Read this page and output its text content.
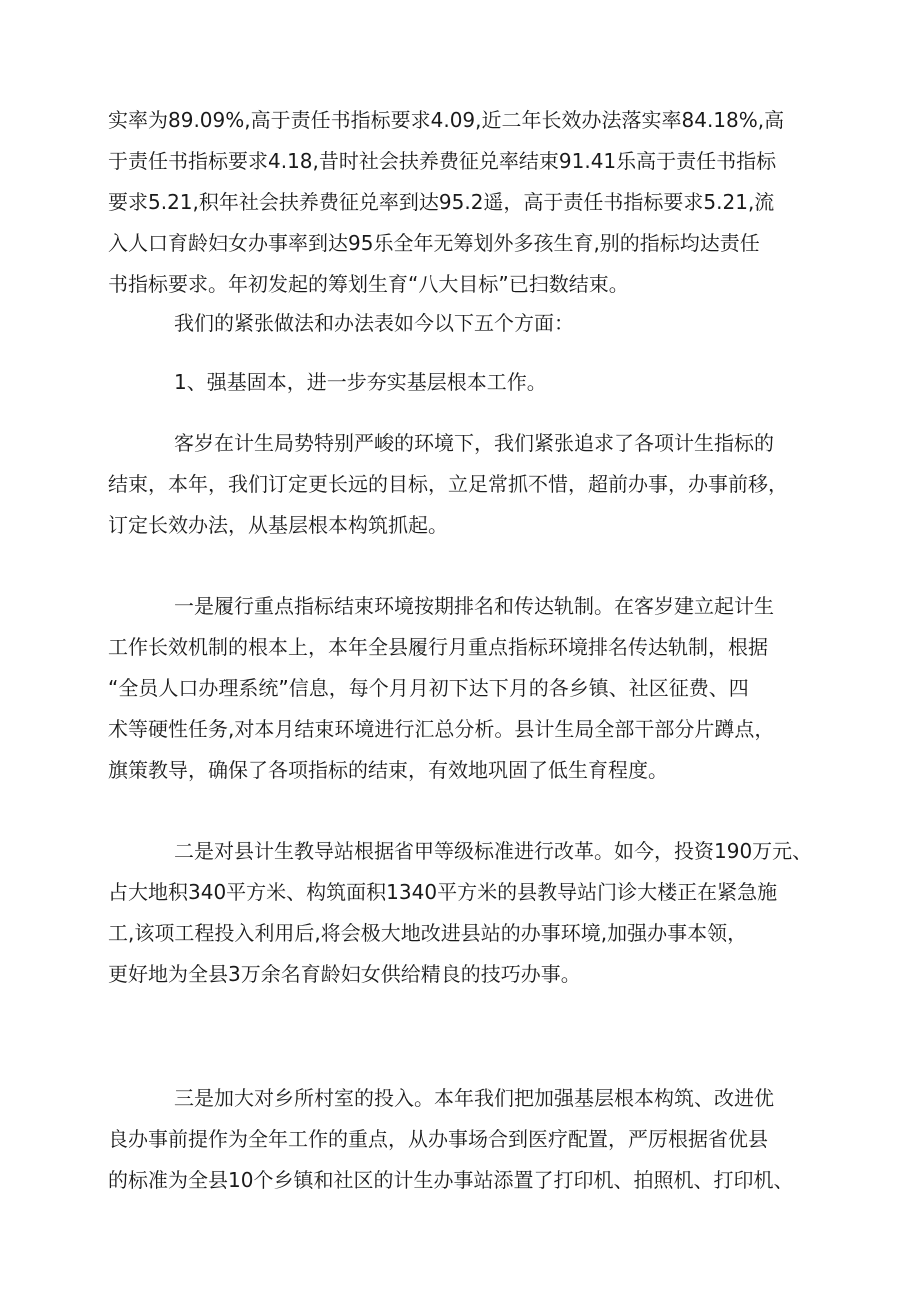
实率为89.09%,高于责任书指标要求4.09,近二年长效办法落实率84.18%,高
于责任书指标要求4.18,昔时社会扶养费征兑率结束91.41乐高于责任书指标
要求5.21,积年社会扶养费征兑率到达95.2遥，高于责任书指标要求5.21,流
入人口育龄妇女办事率到达95乐全年无筹划外多孩生育,别的指标均达责任
书指标要求。年初发起的筹划生育“八大目标”已扫数结束。

我们的紧张做法和办法表如今以下五个方面：

1、强基固本，进一步夯实基层根本工作。

客岁在计生局势特别严峻的环境下，我们紧张追求了各项计生指标的
结束，本年，我们订定更长远的目标，立足常抓不惜，超前办事，办事前移，
订定长效办法，从基层根本构筑抓起。

一是履行重点指标结束环境按期排名和传达轨制。在客岁建立起计生
工作长效机制的根本上，本年全县履行月重点指标环境排名传达轨制，根据
“全员人口办理系统”信息，每个月月初下达下月的各乡镇、社区征费、四
术等硬性任务,对本月结束环境进行汇总分析。县计生局全部干部分片蹲点，
旗策教导，确保了各项指标的结束，有效地巩固了低生育程度。

二是对县计生教导站根据省甲等级标准进行改革。如今，投资190万元、
占大地积340平方米、构筑面积1340平方米的县教导站门诊大楼正在紧急施
工,该项工程投入利用后,将会极大地改进县站的办事环境,加强办事本领，
更好地为全县3万余名育龄妇女供给精良的技巧办事。

三是加大对乡所村室的投入。本年我们把加强基层根本构筑、改进优
良办事前提作为全年工作的重点，从办事场合到医疗配置，严厉根据省优县
的标准为全县10个乡镇和社区的计生办事站添置了打印机、拍照机、打印机、
